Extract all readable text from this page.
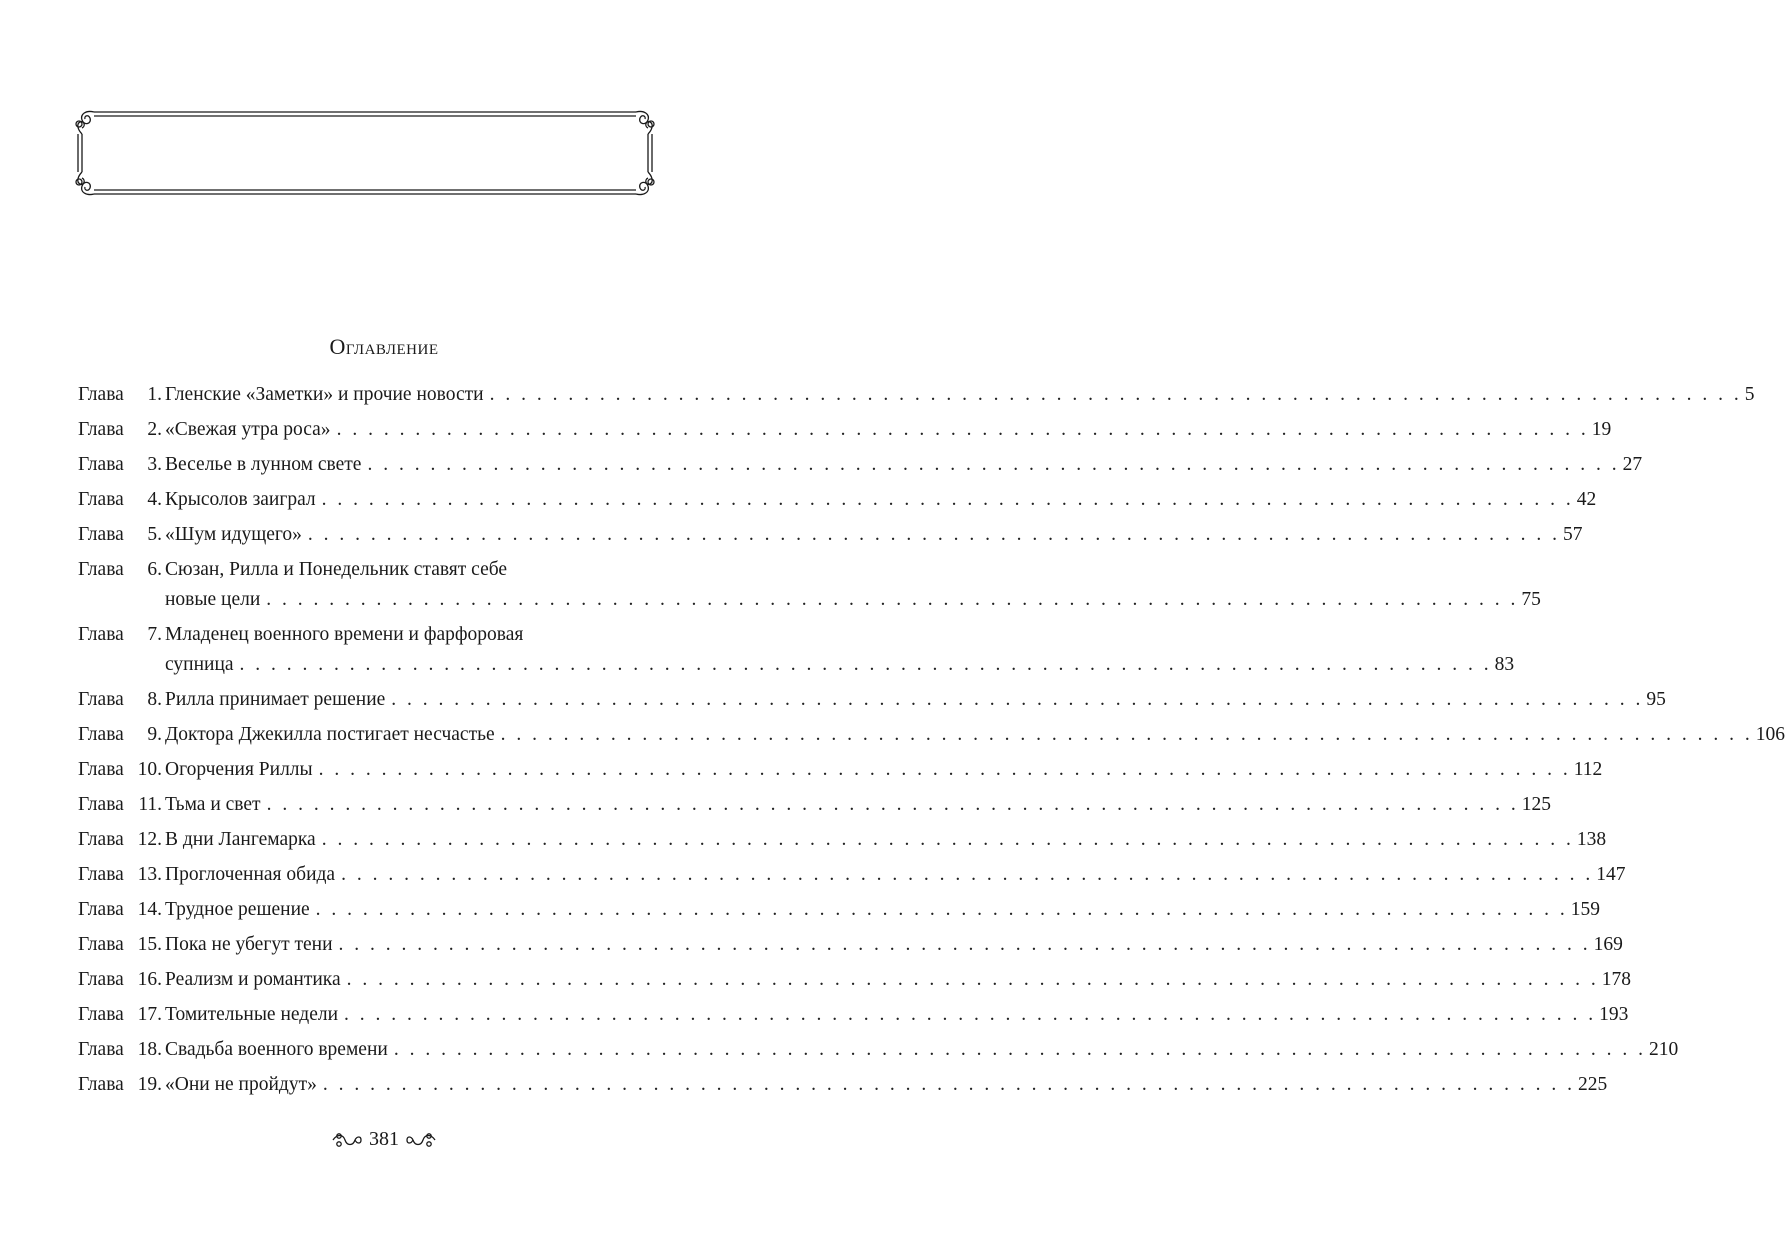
Оглавление
Глава	1. Гленские «Заметки» и прочие новости . . . . . . . . . . . . . . . . . . . . . . . . . . . . . . . . . . . . . . . . . . . . . . . . . . . . . . . . . . . . . . . . . . . . . . . . . . . . . . . . 5
Глава	2. «Свежая утра роса» . . . . . . . . . . . . . . . . . . . . . . . . . . . . . . . . . . . . . . . . . . . . . . . . . . . . . . . . . . . . . . . . . . . . . . . . . . . . . . . . 19
Глава	3. Веселье в лунном свете . . . . . . . . . . . . . . . . . . . . . . . . . . . . . . . . . . . . . . . . . . . . . . . . . . . . . . . . . . . . . . . . . . . . . . . . . . . . . . . . 27
Глава	4. Крысолов заиграл . . . . . . . . . . . . . . . . . . . . . . . . . . . . . . . . . . . . . . . . . . . . . . . . . . . . . . . . . . . . . . . . . . . . . . . . . . . . . . . . 42
Глава	5. «Шум идущего» . . . . . . . . . . . . . . . . . . . . . . . . . . . . . . . . . . . . . . . . . . . . . . . . . . . . . . . . . . . . . . . . . . . . . . . . . . . . . . . . 57
Глава	6. Сюзан, Рилла и Понедельник ставят себе
новые цели . . . . . . . . . . . . . . . . . . . . . . . . . . . . . . . . . . . . . . . . . . . . . . . . . . . . . . . . . . . . . . . . . . . . . . . . . . . . . . . . 75
Глава	7. Младенец военного времени и фарфоровая
супница . . . . . . . . . . . . . . . . . . . . . . . . . . . . . . . . . . . . . . . . . . . . . . . . . . . . . . . . . . . . . . . . . . . . . . . . . . . . . . . . 83
Глава	8. Рилла принимает решение . . . . . . . . . . . . . . . . . . . . . . . . . . . . . . . . . . . . . . . . . . . . . . . . . . . . . . . . . . . . . . . . . . . . . . . . . . . . . . . . 95
Глава	9. Доктора Джекилла постигает несчастье . . . . . . . . . . . . . . . . . . . . . . . . . . . . . . . . . . . . . . . . . . . . . . . . . . . . . . . . . . . . . . . . . . . . . . . . . . . . . . . . 106
Глава 10. Огорчения Риллы . . . . . . . . . . . . . . . . . . . . . . . . . . . . . . . . . . . . . . . . . . . . . . . . . . . . . . . . . . . . . . . . . . . . . . . . . . . . . . . . 112
Глава 11. Тьма и свет . . . . . . . . . . . . . . . . . . . . . . . . . . . . . . . . . . . . . . . . . . . . . . . . . . . . . . . . . . . . . . . . . . . . . . . . . . . . . . . . 125
Глава 12. В дни Лангемарка . . . . . . . . . . . . . . . . . . . . . . . . . . . . . . . . . . . . . . . . . . . . . . . . . . . . . . . . . . . . . . . . . . . . . . . . . . . . . . . . 138
Глава 13. Проглоченная обида . . . . . . . . . . . . . . . . . . . . . . . . . . . . . . . . . . . . . . . . . . . . . . . . . . . . . . . . . . . . . . . . . . . . . . . . . . . . . . . . 147
Глава 14. Трудное решение . . . . . . . . . . . . . . . . . . . . . . . . . . . . . . . . . . . . . . . . . . . . . . . . . . . . . . . . . . . . . . . . . . . . . . . . . . . . . . . . 159
Глава 15. Пока не убегут тени . . . . . . . . . . . . . . . . . . . . . . . . . . . . . . . . . . . . . . . . . . . . . . . . . . . . . . . . . . . . . . . . . . . . . . . . . . . . . . . . 169
Глава 16. Реализм и романтика . . . . . . . . . . . . . . . . . . . . . . . . . . . . . . . . . . . . . . . . . . . . . . . . . . . . . . . . . . . . . . . . . . . . . . . . . . . . . . . . 178
Глава 17. Томительные недели . . . . . . . . . . . . . . . . . . . . . . . . . . . . . . . . . . . . . . . . . . . . . . . . . . . . . . . . . . . . . . . . . . . . . . . . . . . . . . . . 193
Глава 18. Свадьба военного времени . . . . . . . . . . . . . . . . . . . . . . . . . . . . . . . . . . . . . . . . . . . . . . . . . . . . . . . . . . . . . . . . . . . . . . . . . . . . . . . . 210
Глава 19. «Они не пройдут» . . . . . . . . . . . . . . . . . . . . . . . . . . . . . . . . . . . . . . . . . . . . . . . . . . . . . . . . . . . . . . . . . . . . . . . . . . . . . . . . 225
381
